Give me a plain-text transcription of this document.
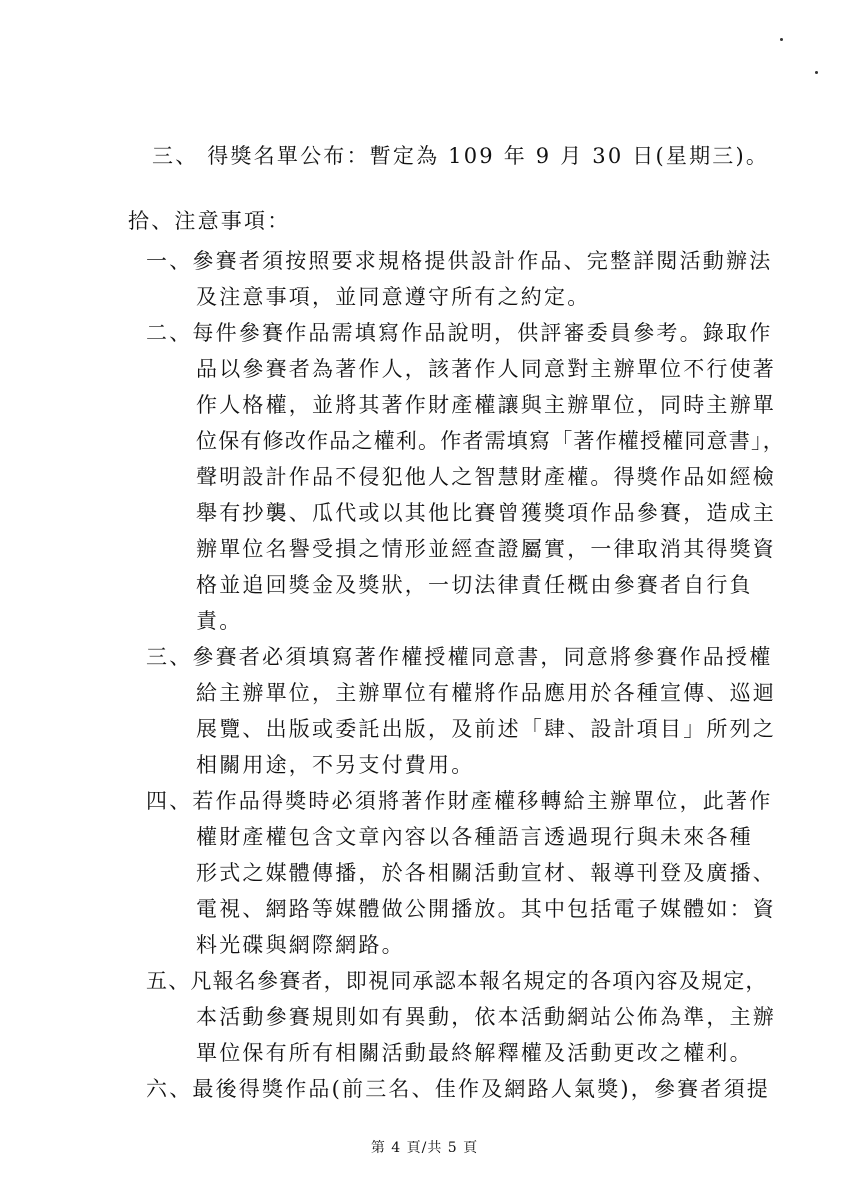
三、 得獎名單公布：暫定為 109 年 9 月 30 日(星期三)。
拾、注意事項：
一、參賽者須按照要求規格提供設計作品、完整詳閱活動辦法
及注意事項，並同意遵守所有之約定。
二、每件參賽作品需填寫作品說明，供評審委員參考。錄取作
品以參賽者為著作人，該著作人同意對主辦單位不行使著
作人格權，並將其著作財產權讓與主辦單位，同時主辦單
位保有修改作品之權利。作者需填寫「著作權授權同意書」，
聲明設計作品不侵犯他人之智慧財產權。得獎作品如經檢
舉有抄襲、瓜代或以其他比賽曾獲獎項作品參賽，造成主
辦單位名譽受損之情形並經查證屬實，一律取消其得獎資
格並追回獎金及獎狀，一切法律責任概由參賽者自行負
責。
三、參賽者必須填寫著作權授權同意書，同意將參賽作品授權
給主辦單位，主辦單位有權將作品應用於各種宣傳、巡迴
展覽、出版或委託出版，及前述「肆、設計項目」所列之
相關用途，不另支付費用。
四、若作品得獎時必須將著作財產權移轉給主辦單位，此著作
權財產權包含文章內容以各種語言透過現行與未來各種
形式之媒體傳播，於各相關活動宣材、報導刊登及廣播、
電視、網路等媒體做公開播放。其中包括電子媒體如：資
料光碟與網際網路。
五、凡報名參賽者，即視同承認本報名規定的各項內容及規定，
本活動參賽規則如有異動，依本活動網站公佈為準，主辦
單位保有所有相關活動最終解釋權及活動更改之權利。
六、最後得獎作品(前三名、佳作及網路人氣獎)，參賽者須提
第 4 頁/共 5 頁
